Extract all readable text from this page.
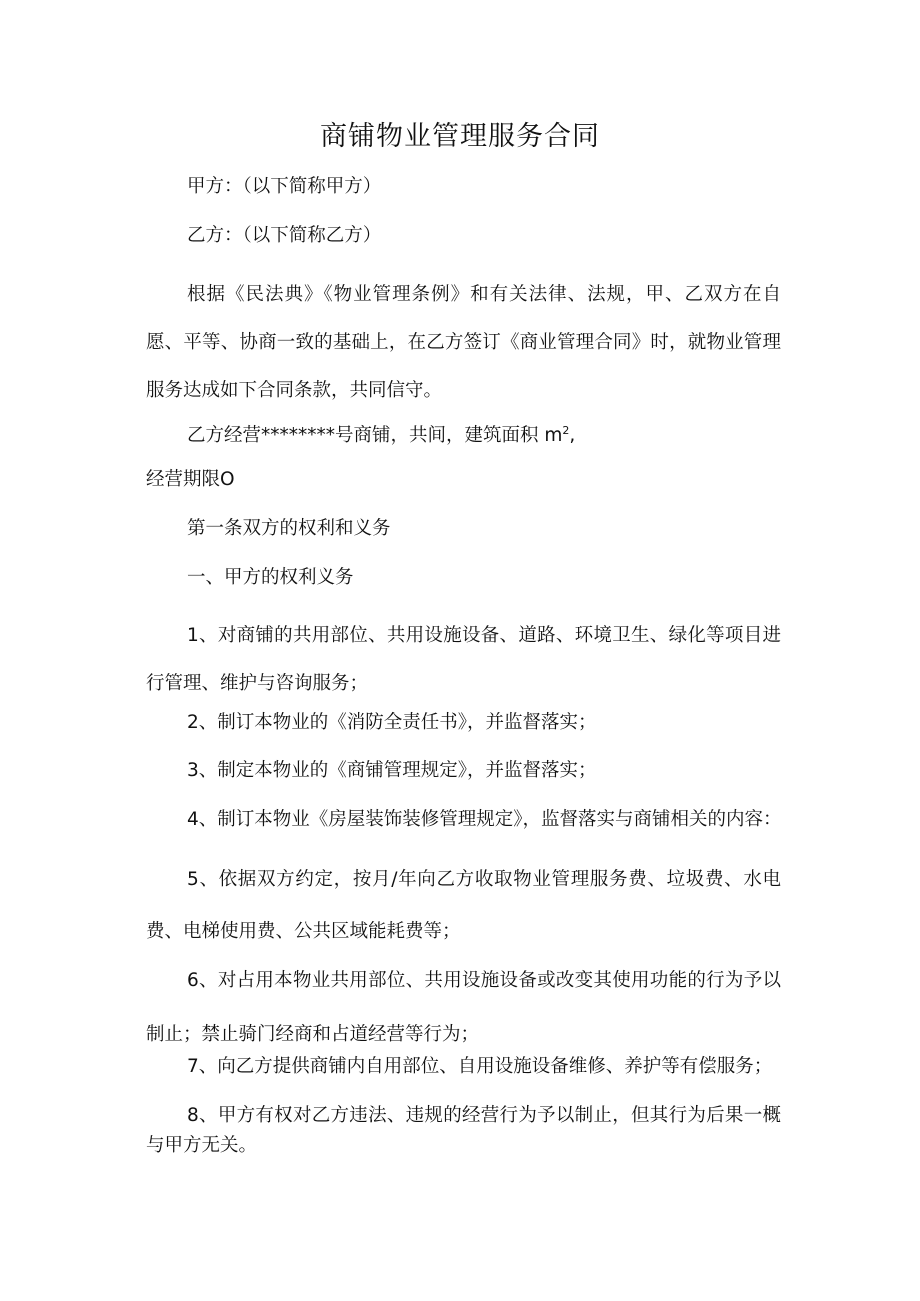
商铺物业管理服务合同
甲方：（以下简称甲方）
乙方：（以下简称乙方）
根据《民法典》《物业管理条例》和有关法律、法规，甲、乙双方在自愿、平等、协商一致的基础上，在乙方签订《商业管理合同》时，就物业管理服务达成如下合同条款，共同信守。
乙方经营********号商铺，共间，建筑面积 $m^2$,
经营期限O
第一条双方的权利和义务
一、甲方的权利义务
1、对商铺的共用部位、共用设施设备、道路、环境卫生、绿化等项目进行管理、维护与咨询服务；
2、制订本物业的《消防全责任书》，并监督落实；
3、制定本物业的《商铺管理规定》，并监督落实；
4、制订本物业《房屋装饰装修管理规定》，监督落实与商铺相关的内容：
5、依据双方约定，按月/年向乙方收取物业管理服务费、垃圾费、水电费、电梯使用费、公共区域能耗费等；
6、对占用本物业共用部位、共用设施设备或改变其使用功能的行为予以制止；禁止骑门经商和占道经营等行为；
7、向乙方提供商铺内自用部位、自用设施设备维修、养护等有偿服务；
8、甲方有权对乙方违法、违规的经营行为予以制止，但其行为后果一概与甲方无关。
